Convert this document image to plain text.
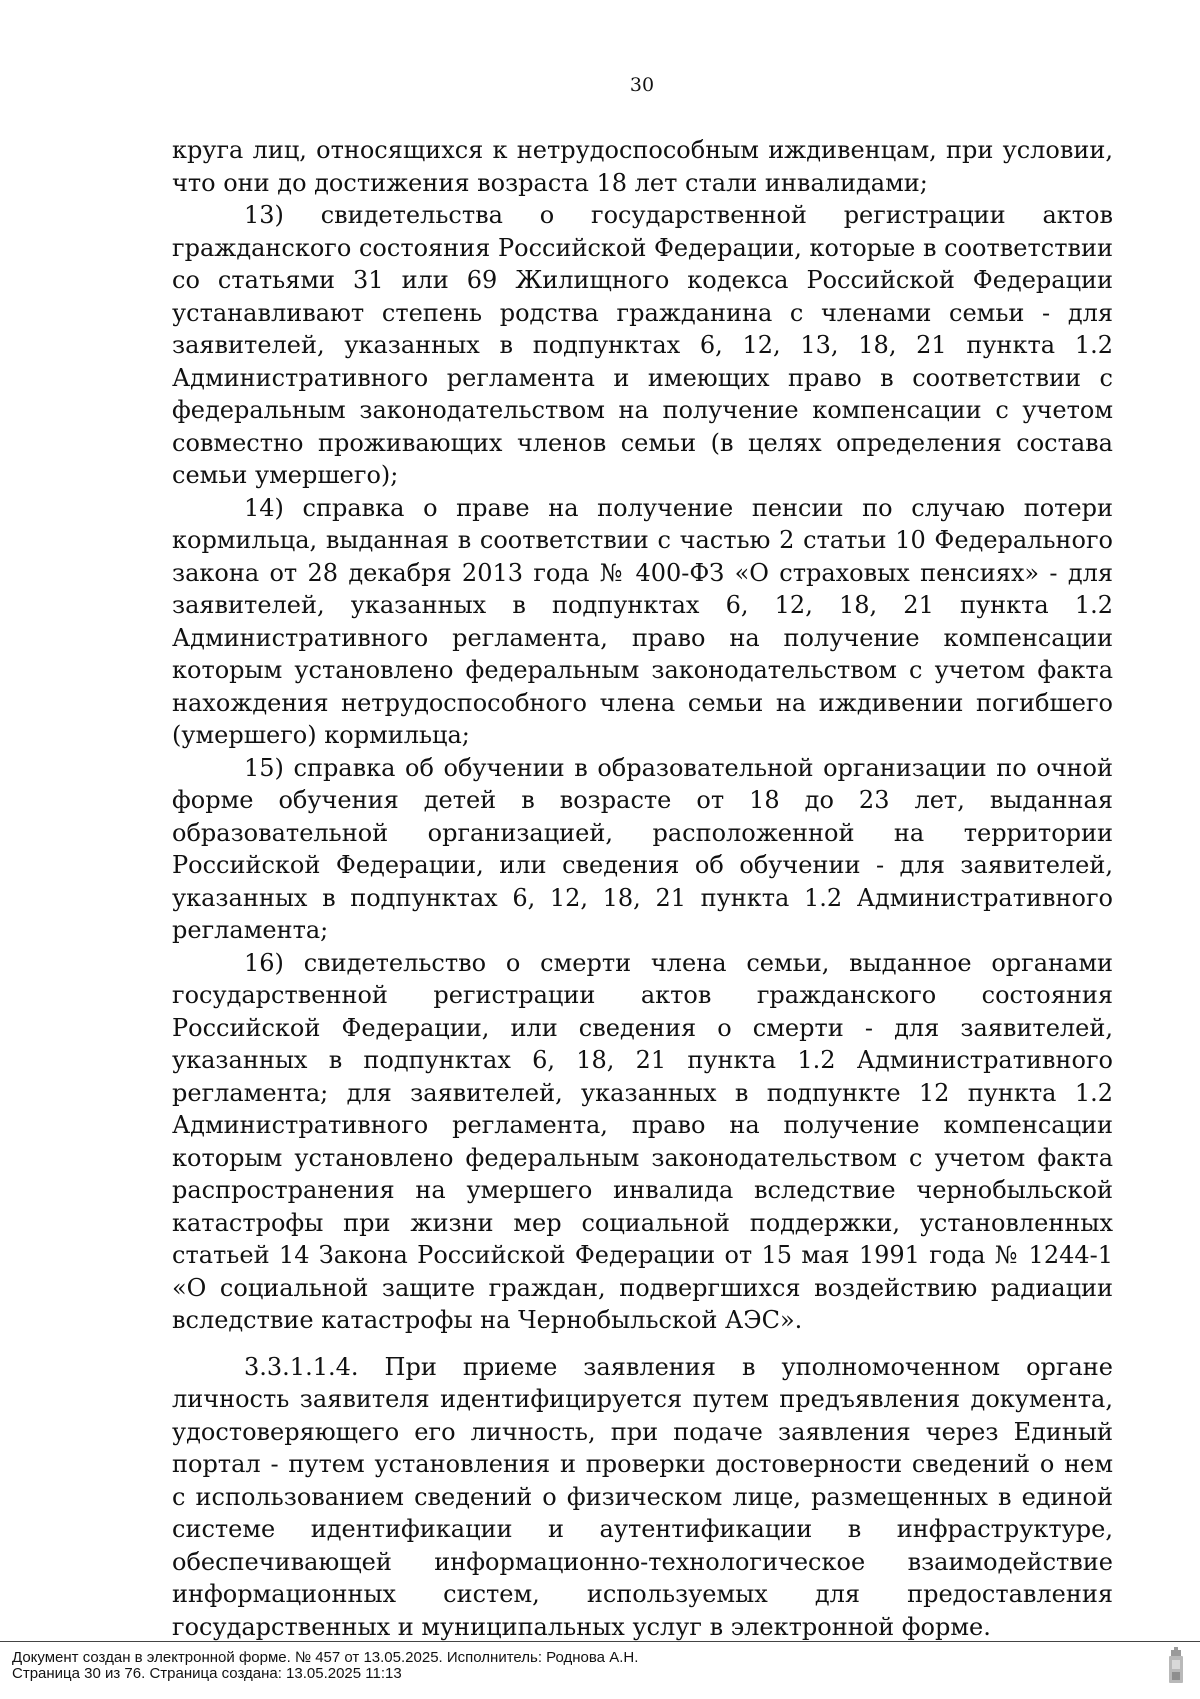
30

круга лиц, относящихся к нетрудоспособным иждивенцам, при условии, что они до достижения возраста 18 лет стали инвалидами;

13) свидетельства о государственной регистрации актов гражданского состояния Российской Федерации, которые в соответствии со статьями 31 или 69 Жилищного кодекса Российской Федерации устанавливают степень родства гражданина с членами семьи - для заявителей, указанных в подпунктах 6, 12, 13, 18, 21 пункта 1.2 Административного регламента и имеющих право в соответствии с федеральным законодательством на получение компенсации с учетом совместно проживающих членов семьи (в целях определения состава семьи умершего);

14) справка о праве на получение пенсии по случаю потери кормильца, выданная в соответствии с частью 2 статьи 10 Федерального закона от 28 декабря 2013 года № 400-ФЗ «О страховых пенсиях» - для заявителей, указанных в подпунктах 6, 12, 18, 21 пункта 1.2 Административного регламента, право на получение компенсации которым установлено федеральным законодательством с учетом факта нахождения нетрудоспособного члена семьи на иждивении погибшего (умершего) кормильца;

15) справка об обучении в образовательной организации по очной форме обучения детей в возрасте от 18 до 23 лет, выданная образовательной организацией, расположенной на территории Российской Федерации, или сведения об обучении - для заявителей, указанных в подпунктах 6, 12, 18, 21 пункта 1.2 Административного регламента;

16) свидетельство о смерти члена семьи, выданное органами государственной регистрации актов гражданского состояния Российской Федерации, или сведения о смерти - для заявителей, указанных в подпунктах 6, 18, 21 пункта 1.2 Административного регламента; для заявителей, указанных в подпункте 12 пункта 1.2 Административного регламента, право на получение компенсации которым установлено федеральным законодательством с учетом факта распространения на умершего инвалида вследствие чернобыльской катастрофы при жизни мер социальной поддержки, установленных статьей 14 Закона Российской Федерации от 15 мая 1991 года № 1244-1 «О социальной защите граждан, подвергшихся воздействию радиации вследствие катастрофы на Чернобыльской АЭС».

3.3.1.1.4. При приеме заявления в уполномоченном органе личность заявителя идентифицируется путем предъявления документа, удостоверяющего его личность, при подаче заявления через Единый портал - путем установления и проверки достоверности сведений о нем с использованием сведений о физическом лице, размещенных в единой системе идентификации и аутентификации в инфраструктуре, обеспечивающей информационно-технологическое взаимодействие информационных систем, используемых для предоставления государственных и муниципальных услуг в электронной форме.

Документ создан в электронной форме. № 457 от 13.05.2025. Исполнитель: Роднова А.Н.
Страница 30 из 76. Страница создана: 13.05.2025 11:13
